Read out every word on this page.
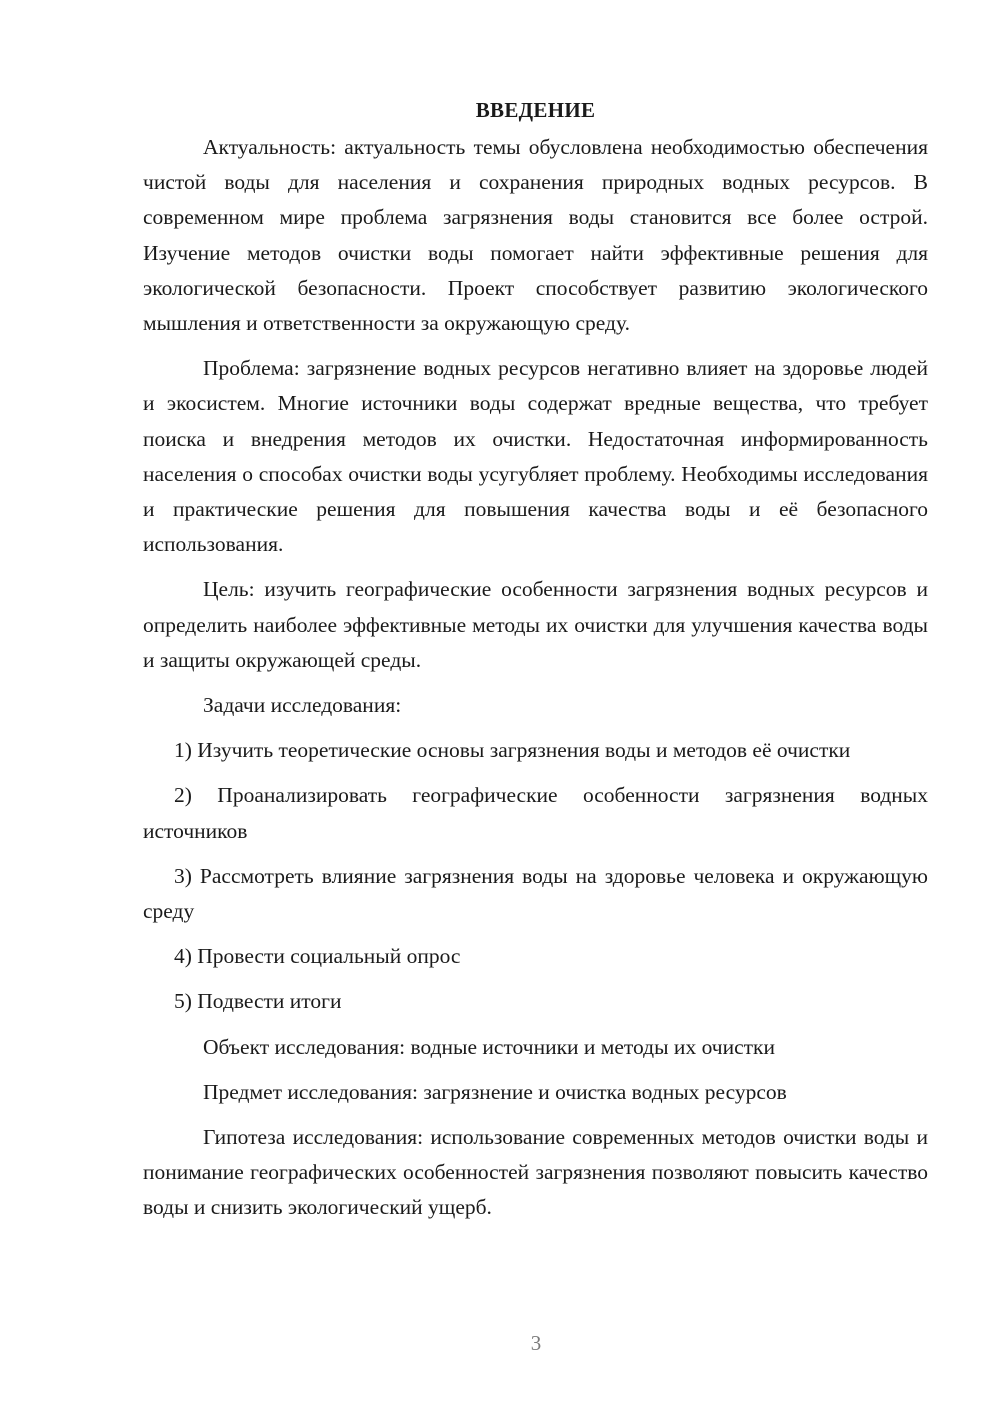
ВВЕДЕНИЕ

Актуальность: актуальность темы обусловлена необходимостью обеспечения чистой воды для населения и сохранения природных водных ресурсов. В современном мире проблема загрязнения воды становится все более острой. Изучение методов очистки воды помогает найти эффективные решения для экологической безопасности. Проект способствует развитию экологического мышления и ответственности за окружающую среду.

Проблема: загрязнение водных ресурсов негативно влияет на здоровье людей и экосистем. Многие источники воды содержат вредные вещества, что требует поиска и внедрения методов их очистки. Недостаточная информированность населения о способах очистки воды усугубляет проблему. Необходимы исследования и практические решения для повышения качества воды и её безопасного использования.

Цель: изучить географические особенности загрязнения водных ресурсов и определить наиболее эффективные методы их очистки для улучшения качества воды и защиты окружающей среды.

Задачи исследования:

1) Изучить теоретические основы загрязнения воды и методов её очистки

2) Проанализировать географические особенности загрязнения водных источников

3) Рассмотреть влияние загрязнения воды на здоровье человека и окружающую среду

4) Провести социальный опрос

5) Подвести итоги

Объект исследования: водные источники и методы их очистки

Предмет исследования: загрязнение и очистка водных ресурсов

Гипотеза исследования: использование современных методов очистки воды и понимание географических особенностей загрязнения позволяют повысить качество воды и снизить экологический ущерб.

3
